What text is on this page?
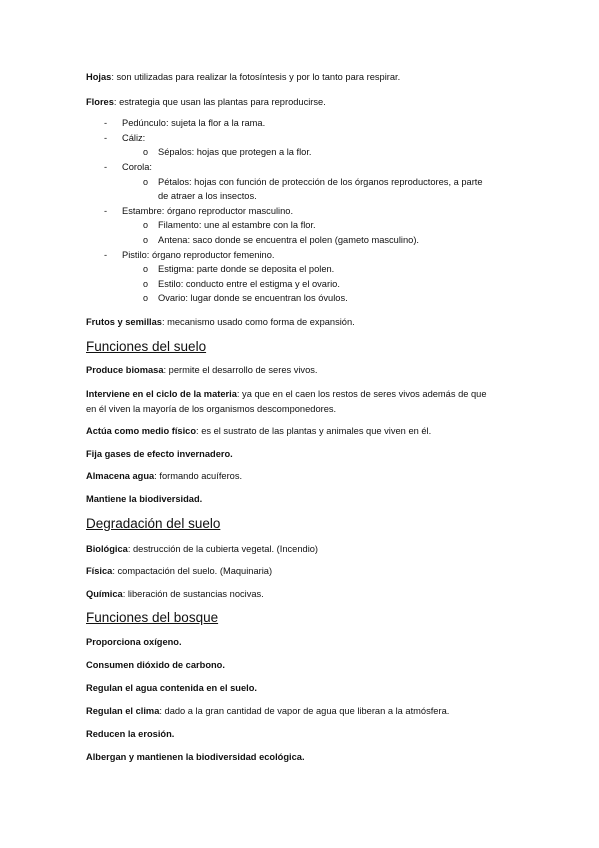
Hojas: son utilizadas para realizar la fotosíntesis y por lo tanto para respirar.
Flores: estrategia que usan las plantas para reproducirse.
- Pedúnculo: sujeta la flor a la rama.
- Cáliz:
o Sépalos: hojas que protegen a la flor.
- Corola:
o Pétalos: hojas con función de protección de los órganos reproductores, a parte
de atraer a los insectos.
- Estambre: órgano reproductor masculino.
o Filamento: une al estambre con la flor.
o Antena: saco donde se encuentra el polen (gameto masculino).
- Pistilo: órgano reproductor femenino.
o Estigma: parte donde se deposita el polen.
o Estilo: conducto entre el estigma y el ovario.
o Ovario: lugar donde se encuentran los óvulos.
Frutos y semillas: mecanismo usado como forma de expansión.
Funciones del suelo
Produce biomasa: permite el desarrollo de seres vivos.
Interviene en el ciclo de la materia: ya que en el caen los restos de seres vivos además de que
en él viven la mayoría de los organismos descomponedores.
Actúa como medio físico: es el sustrato de las plantas y animales que viven en él.
Fija gases de efecto invernadero.
Almacena agua: formando acuíferos.
Mantiene la biodiversidad.
Degradación del suelo
Biológica: destrucción de la cubierta vegetal. (Incendio)
Física: compactación del suelo. (Maquinaria)
Química: liberación de sustancias nocivas.
Funciones del bosque
Proporciona oxígeno.
Consumen dióxido de carbono.
Regulan el agua contenida en el suelo.
Regulan el clima: dado a la gran cantidad de vapor de agua que liberan a la atmósfera.
Reducen la erosión.
Albergan y mantienen la biodiversidad ecológica.
